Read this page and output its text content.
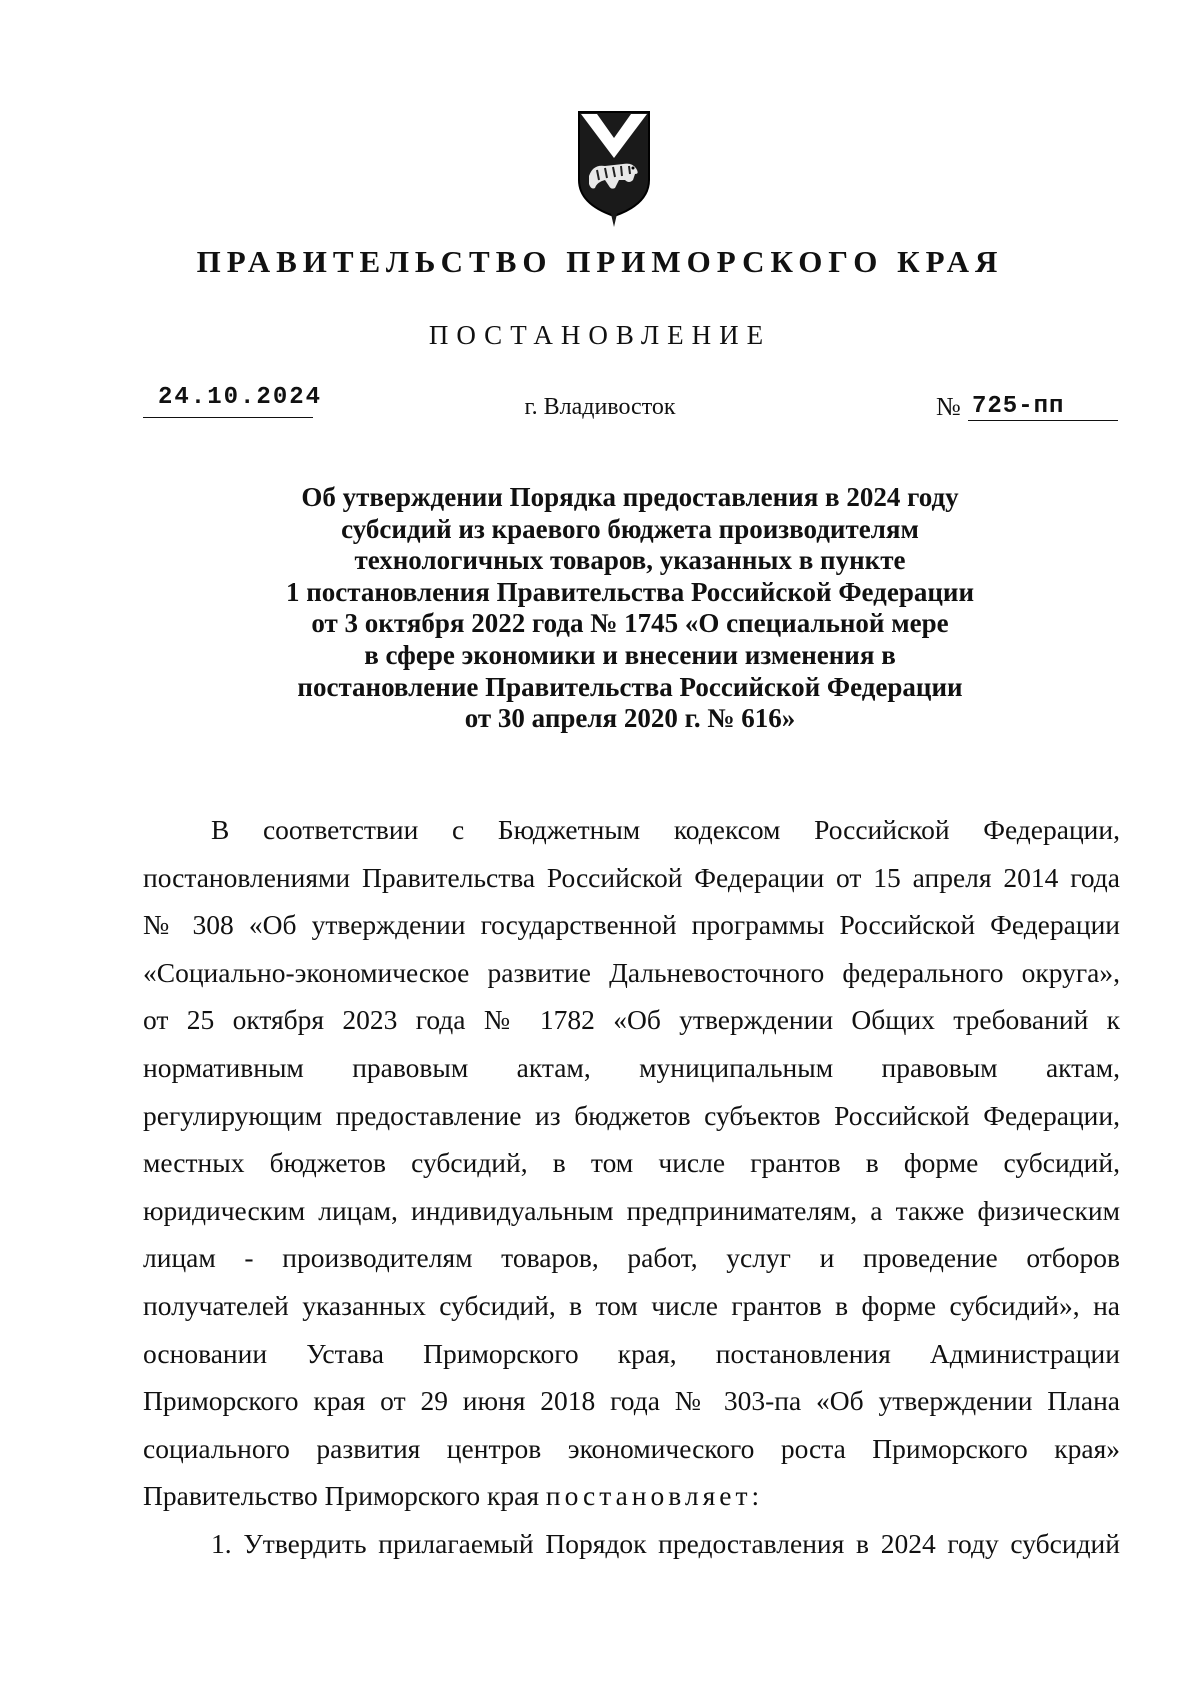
ПРАВИТЕЛЬСТВО ПРИМОРСКОГО КРАЯ
ПОСТАНОВЛЕНИЕ
24.10.2024	г. Владивосток	№ 725-пп
Об утверждении Порядка предоставления в 2024 году
субсидий из краевого бюджета производителям
технологичных товаров, указанных в пункте
1 постановления Правительства Российской Федерации
от 3 октября 2022 года № 1745 «О специальной мере
в сфере экономики и внесении изменения в
постановление Правительства Российской Федерации
от 30 апреля 2020 г. № 616»
В соответствии с Бюджетным кодексом Российской Федерации,
постановлениями Правительства Российской Федерации от 15 апреля 2014 года
№ 308 «Об утверждении государственной программы Российской Федерации
«Социально-экономическое развитие Дальневосточного федерального округа»,
от 25 октября 2023 года № 1782 «Об утверждении Общих требований к
нормативным правовым актам, муниципальным правовым актам,
регулирующим предоставление из бюджетов субъектов Российской Федерации,
местных бюджетов субсидий, в том числе грантов в форме субсидий,
юридическим лицам, индивидуальным предпринимателям, а также физическим
лицам - производителям товаров, работ, услуг и проведение отборов
получателей указанных субсидий, в том числе грантов в форме субсидий», на
основании Устава Приморского края, постановления Администрации
Приморского края от 29 июня 2018 года № 303-па «Об утверждении Плана
социального развития центров экономического роста Приморского края»
Правительство Приморского края постановляет:
1. Утвердить прилагаемый Порядок предоставления в 2024 году субсидий
